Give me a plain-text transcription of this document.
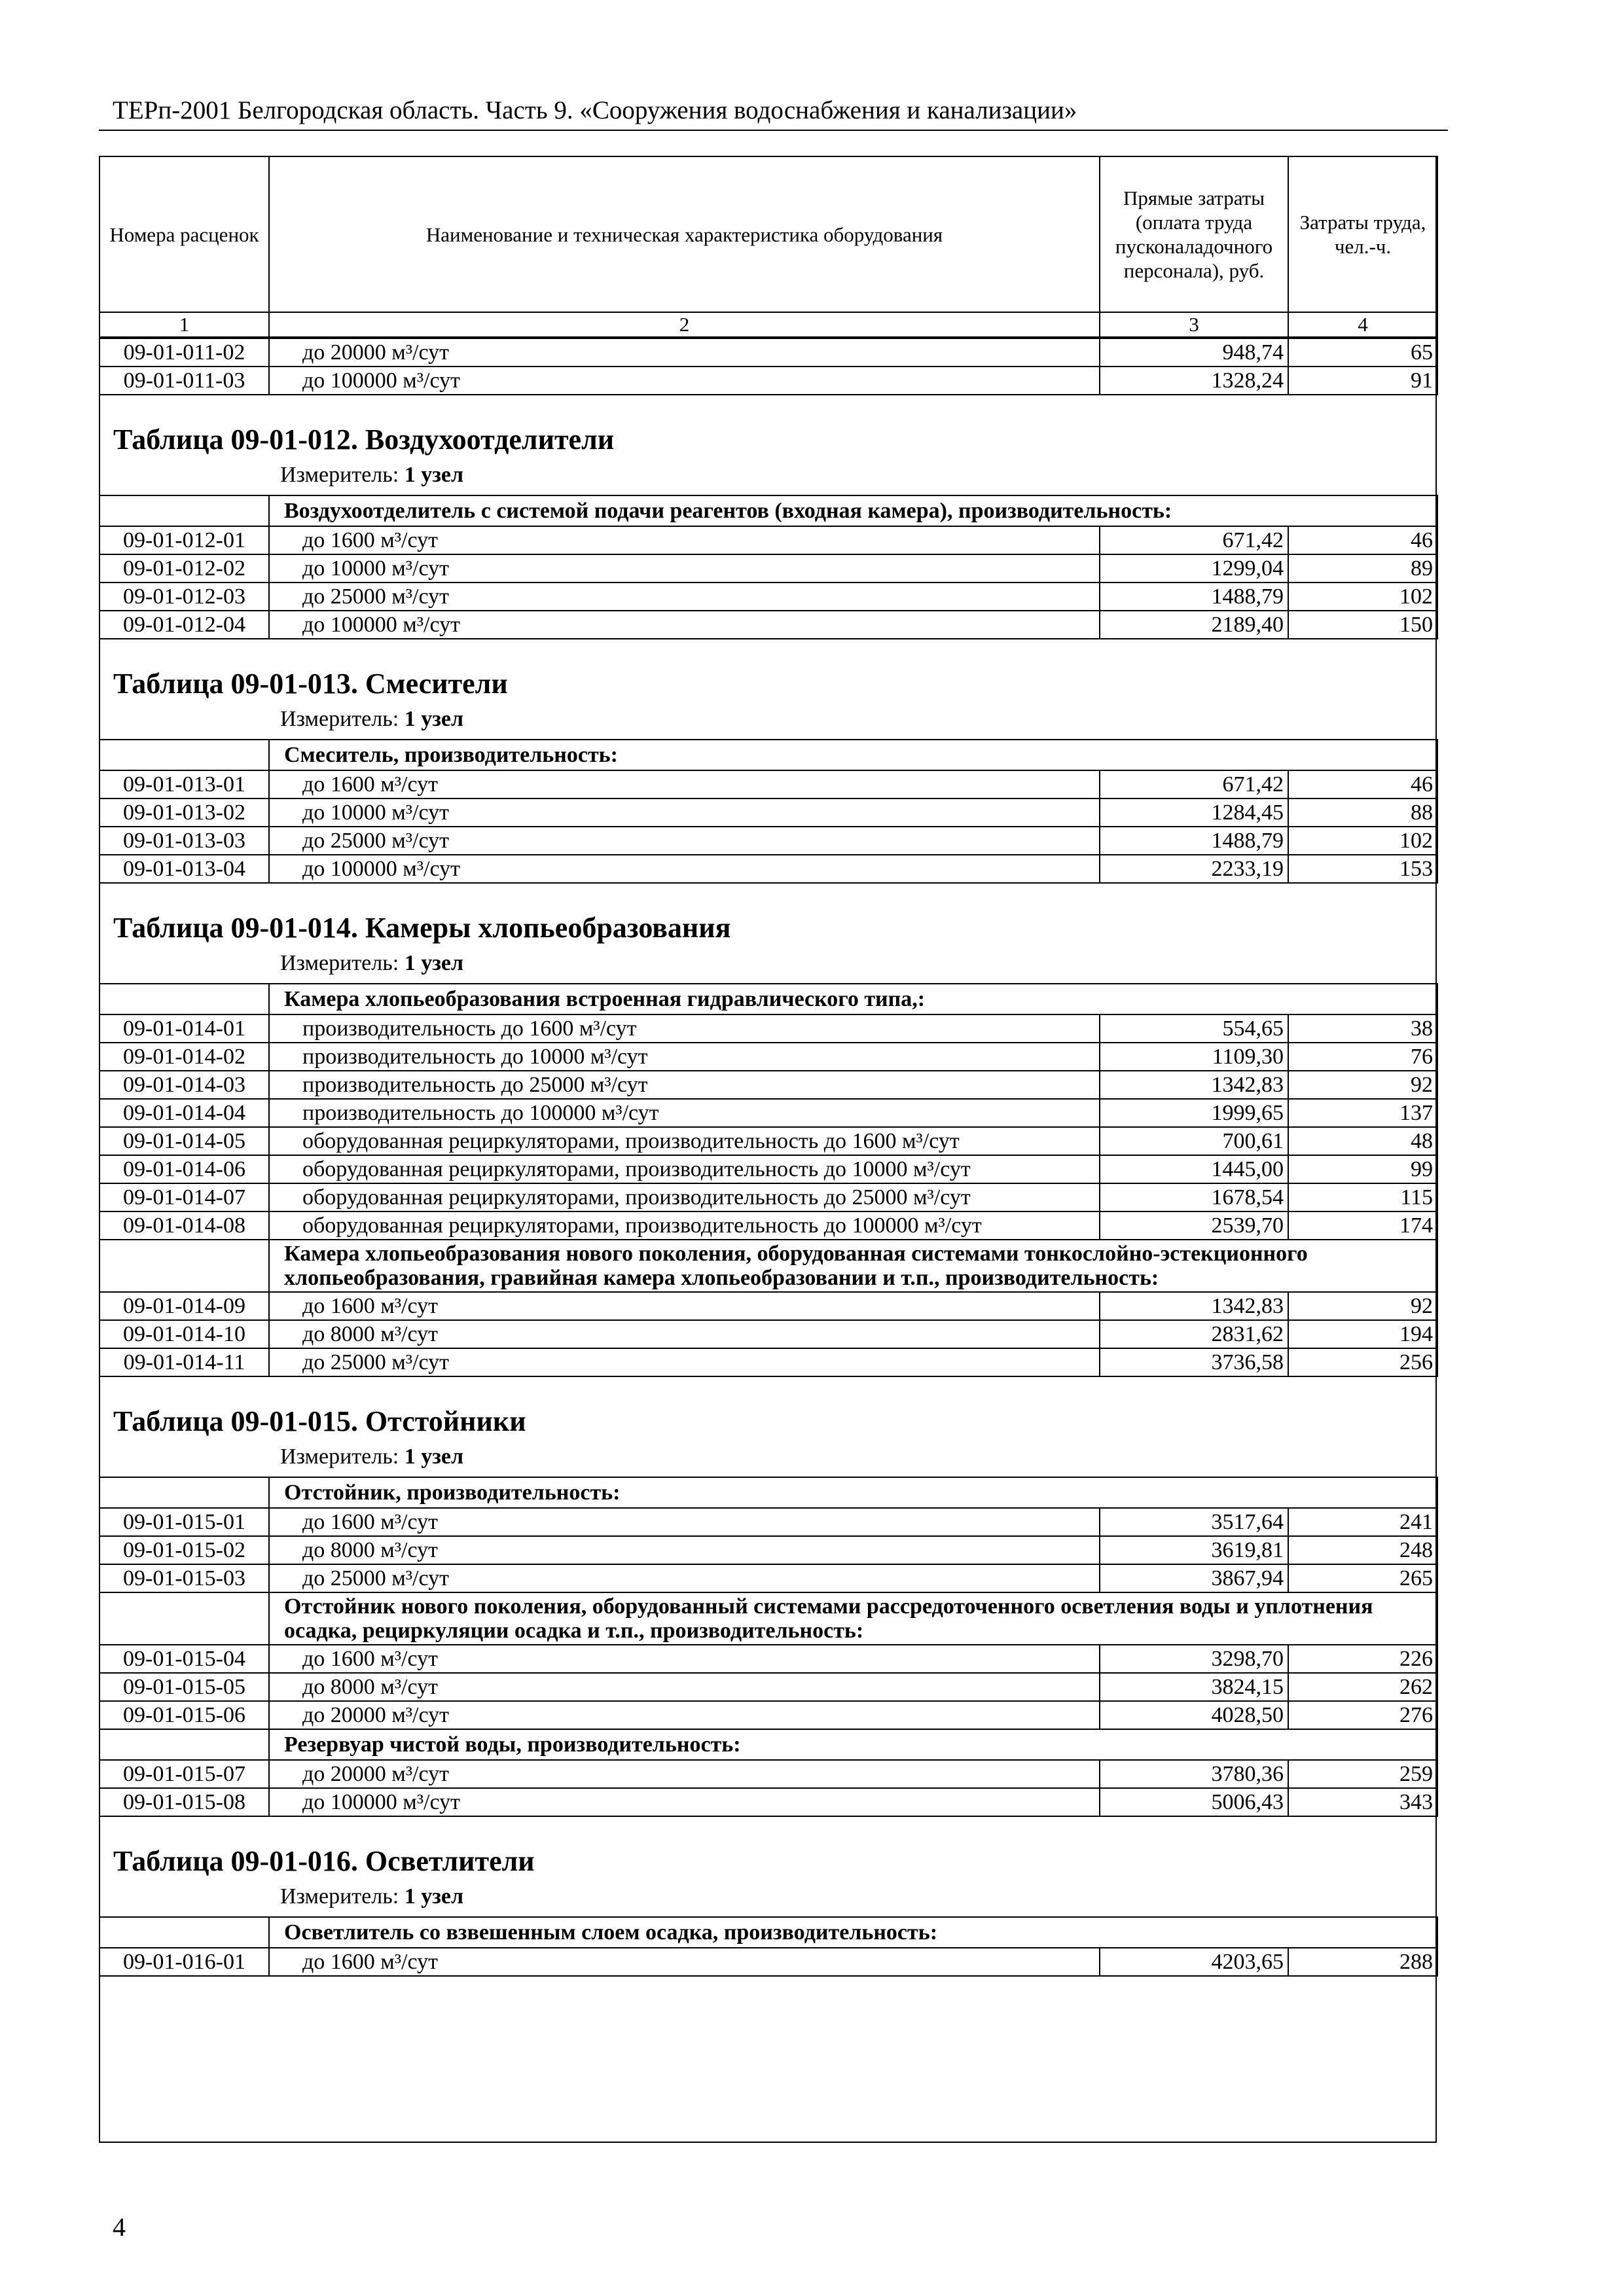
ТЕРп-2001 Белгородская область. Часть 9. «Сооружения водоснабжения и канализации»
Номера расценок	Наименование и техническая характеристика оборудования	Прямые затраты (оплата труда пусконаладочного персонала), руб.	Затраты труда, чел.-ч.
1	2	3	4
09-01-011-02	до 20000 м³/сут	948,74	65
09-01-011-03	до 100000 м³/сут	1328,24	91
Таблица 09-01-012. Воздухоотделители
Измеритель: 1 узел
	Воздухоотделитель с системой подачи реагентов (входная камера), производительность:		
09-01-012-01	до 1600 м³/сут	671,42	46
09-01-012-02	до 10000 м³/сут	1299,04	89
09-01-012-03	до 25000 м³/сут	1488,79	102
09-01-012-04	до 100000 м³/сут	2189,40	150
Таблица 09-01-013. Смесители
Измеритель: 1 узел
	Смеситель, производительность:		
09-01-013-01	до 1600 м³/сут	671,42	46
09-01-013-02	до 10000 м³/сут	1284,45	88
09-01-013-03	до 25000 м³/сут	1488,79	102
09-01-013-04	до 100000 м³/сут	2233,19	153
Таблица 09-01-014. Камеры хлопьеобразования
Измеритель: 1 узел
	Камера хлопьеобразования встроенная гидравлического типа,:		
09-01-014-01	производительность до 1600 м³/сут	554,65	38
09-01-014-02	производительность до 10000 м³/сут	1109,30	76
09-01-014-03	производительность до 25000 м³/сут	1342,83	92
09-01-014-04	производительность до 100000 м³/сут	1999,65	137
09-01-014-05	оборудованная рециркуляторами, производительность до 1600 м³/сут	700,61	48
09-01-014-06	оборудованная рециркуляторами, производительность до 10000 м³/сут	1445,00	99
09-01-014-07	оборудованная рециркуляторами, производительность до 25000 м³/сут	1678,54	115
09-01-014-08	оборудованная рециркуляторами, производительность до 100000 м³/сут	2539,70	174
	Камера хлопьеобразования нового поколения, оборудованная системами тонкослойно-эстекционного хлопьеобразования, гравийная камера хлопьеобразовании и т.п., производительность:		
09-01-014-09	до 1600 м³/сут	1342,83	92
09-01-014-10	до 8000 м³/сут	2831,62	194
09-01-014-11	до 25000 м³/сут	3736,58	256
Таблица 09-01-015. Отстойники
Измеритель: 1 узел
	Отстойник, производительность:		
09-01-015-01	до 1600 м³/сут	3517,64	241
09-01-015-02	до 8000 м³/сут	3619,81	248
09-01-015-03	до 25000 м³/сут	3867,94	265
	Отстойник нового поколения, оборудованный системами рассредоточенного осветления воды и уплотнения осадка, рециркуляции осадка и т.п., производительность:		
09-01-015-04	до 1600 м³/сут	3298,70	226
09-01-015-05	до 8000 м³/сут	3824,15	262
09-01-015-06	до 20000 м³/сут	4028,50	276
	Резервуар чистой воды, производительность:		
09-01-015-07	до 20000 м³/сут	3780,36	259
09-01-015-08	до 100000 м³/сут	5006,43	343
Таблица 09-01-016. Осветлители
Измеритель: 1 узел
	Осветлитель со взвешенным слоем осадка, производительность:		
09-01-016-01	до 1600 м³/сут	4203,65	288
4
